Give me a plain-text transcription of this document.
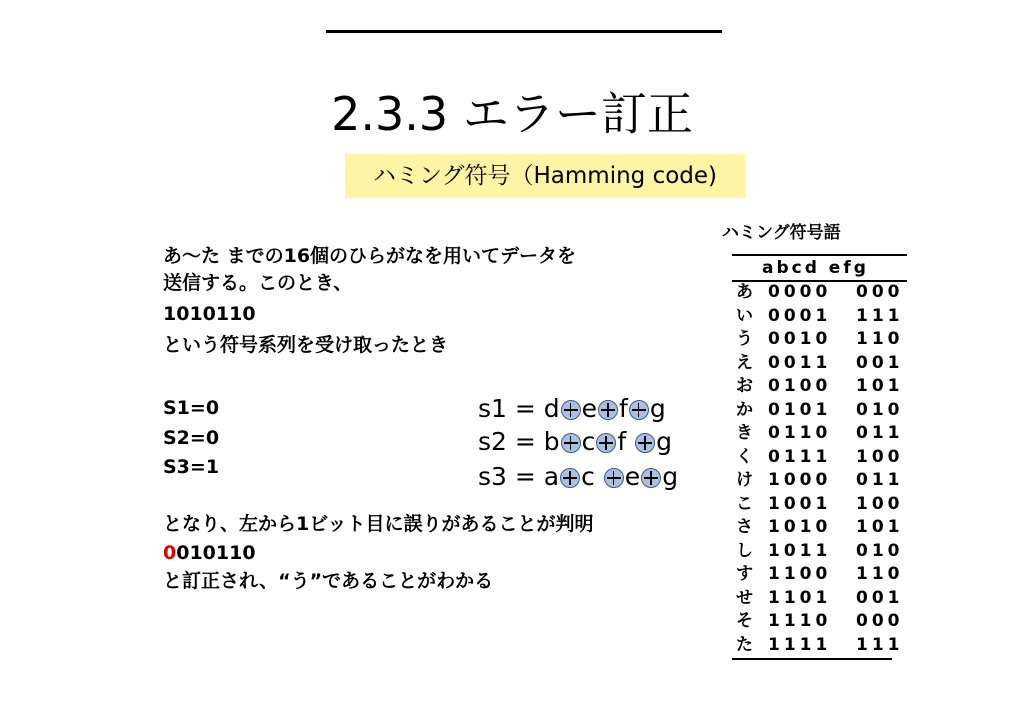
2.3.3 エラー訂正
ハミング符号（Hamming code)
あ～た までの16個のひらがなを用いてデータを
送信する。このとき、
1010110
という符号系列を受け取ったとき
S1=0
S2=0
S3=1
s1 = d e f g
s2 = b c f g
s3 = a c e g
となり、左から1ビット目に誤りがあることが判明
0010110
と訂正され、“う”であることがわかる
ハミング符号語
abcd efg
あ 0000 000
い 0001 111
う 0010 110
え 0011 001
お 0100 101
か 0101 010
き 0110 011
く 0111 100
け 1000 011
こ 1001 100
さ 1010 101
し 1011 010
す 1100 110
せ 1101 001
そ 1110 000
た 1111 111
